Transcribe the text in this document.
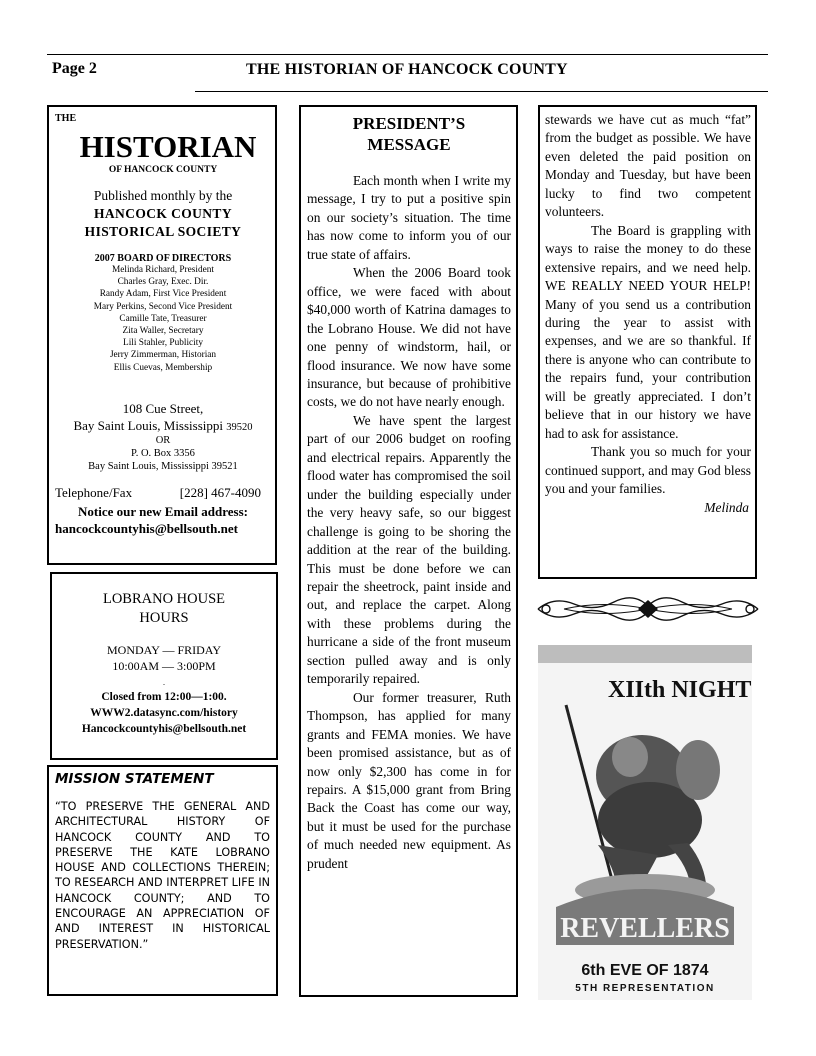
Page 2	THE HISTORIAN OF HANCOCK COUNTY
THE
HISTORIAN
OF HANCOCK COUNTY
Published monthly by the
HANCOCK COUNTY
HISTORICAL SOCIETY
2007 BOARD OF DIRECTORS
Melinda Richard, President
Charles Gray, Exec. Dir.
Randy Adam, First Vice President
Mary Perkins, Second Vice President
Camille Tate, Treasurer
Zita Waller, Secretary
Lili Stahler, Publicity
Jerry Zimmerman, Historian
Ellis Cuevas, Membership
108 Cue Street,
Bay Saint Louis, Mississippi 39520
OR
P. O. Box 3356
Bay Saint Louis, Mississippi 39521
Telephone/Fax	[228] 467-4090
Notice our new Email address:
hancockcountyhis@bellsouth.net
LOBRANO HOUSE
HOURS
MONDAY — FRIDAY
10:00AM — 3:00PM
.
Closed from 12:00—1:00.
WWW2.datasync.com/history
Hancockcountyhis@bellsouth.net
MISSION STATEMENT
“TO PRESERVE THE GENERAL AND ARCHITECTURAL HISTORY OF HANCOCK COUNTY AND TO PRESERVE THE KATE LOBRANO HOUSE AND COLLECTIONS THEREIN; TO RESEARCH AND INTERPRET LIFE IN HANCOCK COUNTY; AND TO ENCOURAGE AN APPRECIATION OF AND INTEREST IN HISTORICAL PRESERVATION.”
PRESIDENT’S
MESSAGE

Each month when I write my message, I try to put a positive spin on our society’s situation. The time has now come to inform you of our true state of affairs.

When the 2006 Board took office, we were faced with about $40,000 worth of Katrina damages to the Lobrano House. We did not have one penny of windstorm, hail, or flood insurance. We now have some insurance, but because of prohibitive costs, we do not have nearly enough.

We have spent the largest part of our 2006 budget on roofing and electrical repairs. Apparently the flood water has compromised the soil under the building especially under the very heavy safe, so our biggest challenge is going to be shoring the addition at the rear of the building. This must be done before we can repair the sheetrock, paint inside and out, and replace the carpet. Along with these problems during the hurricane a side of the front museum section pulled away and is only temporarily repaired.

Our former treasurer, Ruth Thompson, has applied for many grants and FEMA monies. We have been promised assistance, but as of now only $2,300 has come in for repairs. A $15,000 grant from Bring Back the Coast has come our way, but it must be used for the purchase of much needed new equipment. As prudent

stewards we have cut as much “fat” from the budget as possible. We have even deleted the paid position on Monday and Tuesday, but have been lucky to find two competent volunteers.

The Board is grappling with ways to raise the money to do these extensive repairs, and we need help. WE REALLY NEED YOUR HELP! Many of you send us a contribution during the year to assist with expenses, and we are so thankful. If there is anyone who can contribute to the repairs fund, your contribution will be greatly appreciated. I don’t believe that in our history we have had to ask for assistance.

Thank you so much for your continued support, and may God bless you and your families.

Melinda
XIIth NIGHT
REVELLERS
6th EVE OF 1874
5TH REPRESENTATION
